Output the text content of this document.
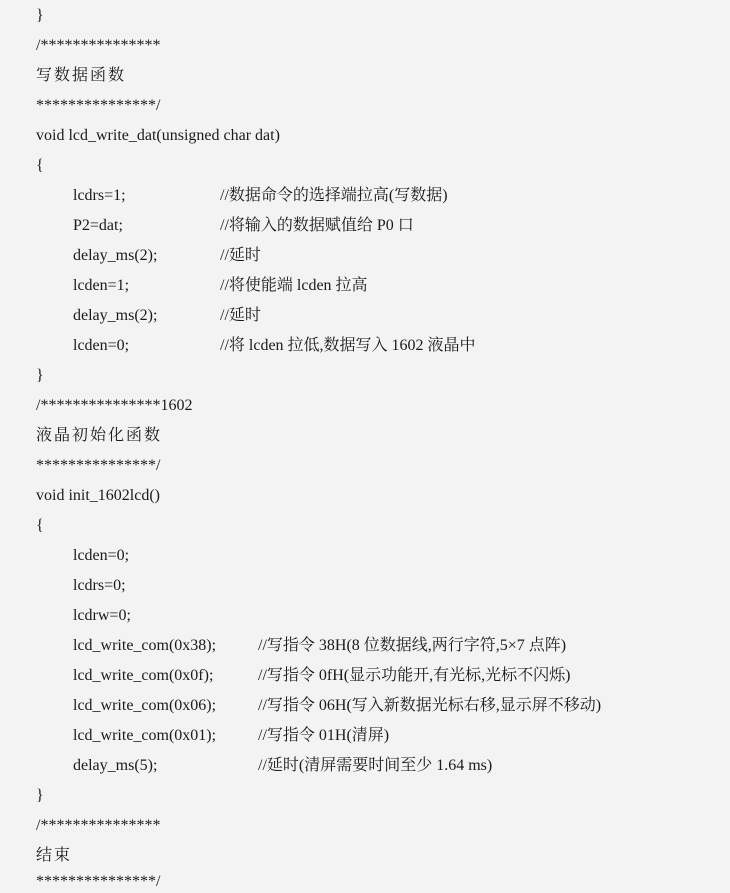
}
/***************
写数据函数
***************/
void lcd_write_dat(unsigned char dat)
{
lcdrs=1;	//数据命令的选择端拉高(写数据)
P2=dat;	//将输入的数据赋值给 P0 口
delay_ms(2);	//延时
lcden=1;	//将使能端 lcden 拉高
delay_ms(2);	//延时
lcden=0;	//将 lcden 拉低,数据写入 1602 液晶中
}
/***************1602
液晶初始化函数
***************/
void init_1602lcd()
{
lcden=0;
lcdrs=0;
lcdrw=0;
lcd_write_com(0x38);	//写指令 38H(8 位数据线,两行字符,5×7 点阵)
lcd_write_com(0x0f);	//写指令 0fH(显示功能开,有光标,光标不闪烁)
lcd_write_com(0x06);	//写指令 06H(写入新数据光标右移,显示屏不移动)
lcd_write_com(0x01);	//写指令 01H(清屏)
delay_ms(5);	//延时(清屏需要时间至少 1.64 ms)
}
/***************
结束
***************/
